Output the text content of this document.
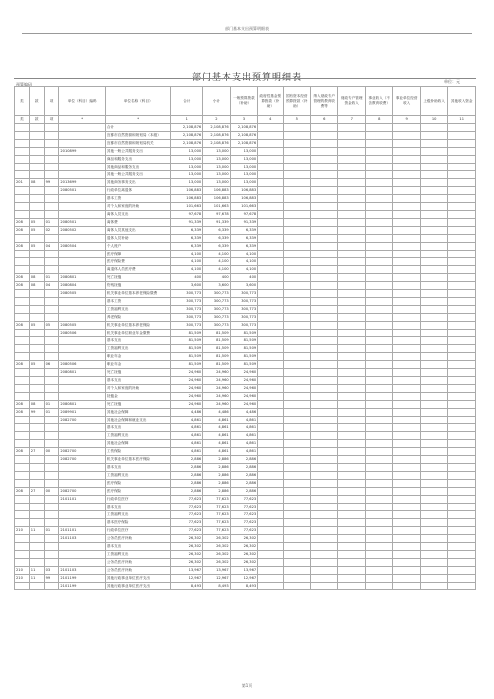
部门基本支出预算明细表
部门基本支出预算明细表
预算编码
单位：元
类	款	项	单位（科目）编码	单位名称（科目）	合计	小计	一般预算拨款（补助）	政府性基金预算拨款（补助）	国有资本经营预算拨款（补助）	纳入财政专户管理的教育收费等	财政专户管理资金收入	事业收入（不含教育收费）	事业单位经营收入	上级补助收入	其他收入资金
类	款	项	*	*	1	2	3	4	5	6	7	8	9	10	11
				合计	2,108,876	2,108,876	2,108,876								
				宜都市自然资源和规划局（本级）	2,108,876	2,108,876	2,108,876								
				宜都市自然资源和规划局机关	2,108,876	2,108,876	2,108,876								
			2010899	其他一般公共服务支出	13,000	13,000	13,000								
				商品和服务支出	13,000	13,000	13,000								
				其他商品和服务支出	13,000	13,000	13,000								
				其他一般公共服务支出	13,000	13,000	13,000								
201	08	99	2013699	其他商务事务支出	13,000	13,000	13,000								
			2080501	行政单位离退休	106,883	106,883	106,883								
				基本工资	106,883	106,883	106,883								
				对个人和家庭的补助	101,663	101,663	101,663								
				离休人员支出	97,678	97,678	97,678								
208	05	01	2080501	离休费	91,339	91,339	91,339								
208	05	02	2080502	离休人员其他支出	6,339	6,339	6,339								
				退休人员补助	6,339	6,339	6,339								
208	05	04	2080504	个人账户	6,339	6,339	6,339								
				医疗保障	4,100	4,100	4,100								
				医疗保险费	4,100	4,100	4,100								
				离退休人员医疗费	4,100	4,100	4,100								
208	08	01	2080801	死亡抚恤	400	400	400								
208	08	04	2080804	伤残抚恤	3,600	3,600	3,600								
			2080505	机关事业单位基本养老保险缴费	300,773	300,773	300,773								
				基本工资	300,773	300,773	300,773								
				工资福利支出	300,773	300,773	300,773								
				养老保险	300,773	300,773	300,773								
208	05	05	2080505	机关事业单位基本养老保险	300,773	300,773	300,773								
			2080506	机关事业单位职业年金缴费	81,509	81,509	81,509								
				基本支出	81,509	81,509	81,509								
				工资福利支出	81,509	81,509	81,509								
				职业年金	81,509	81,509	81,509								
208	05	06	2080506	职业年金	81,509	81,509	81,509								
			2080801	死亡抚恤	24,960	24,960	24,960								
				基本支出	24,960	24,960	24,960								
				对个人和家庭的补助	24,960	24,960	24,960								
				抚恤金	24,960	24,960	24,960								
208	08	01	2080801	死亡抚恤	24,960	24,960	24,960								
208	99	01	2089901	其他社会保障	4,486	4,486	4,486								
			2082700	其他社会保障和就业支出	4,861	4,861	4,861								
				基本支出	4,861	4,861	4,861								
				工资福利支出	4,861	4,861	4,861								
				其他社会保障	4,861	4,861	4,861								
208	27	00	2082700	工伤保险	4,861	4,861	4,861								
			2082700	机关事业单位基本医疗保险	2,886	2,886	2,886								
				基本支出	2,886	2,886	2,886								
				工资福利支出	2,886	2,886	2,886								
				医疗保险	2,886	2,886	2,886								
208	27	00	2082700	医疗保险	2,886	2,886	2,886								
			2101101	行政单位医疗	77,623	77,623	77,623								
				基本支出	77,623	77,623	77,623								
				工资福利支出	77,623	77,623	77,623								
				基本医疗保险	77,623	77,623	77,623								
210	11	01	2101101	行政单位医疗	77,623	77,623	77,623								
			2101103	公务员医疗补助	26,302	26,302	26,302								
				基本支出	26,302	26,302	26,302								
				工资福利支出	26,302	26,302	26,302								
				公务员医疗补助	26,302	26,302	26,302								
210	11	03	2101103	公务员医疗补助	13,967	13,967	13,967								
210	11	99	2101199	其他行政事业单位医疗支出	12,967	12,967	12,967								
			2101199	其他行政事业单位医疗支出	8,493	8,493	8,493								
第1页
